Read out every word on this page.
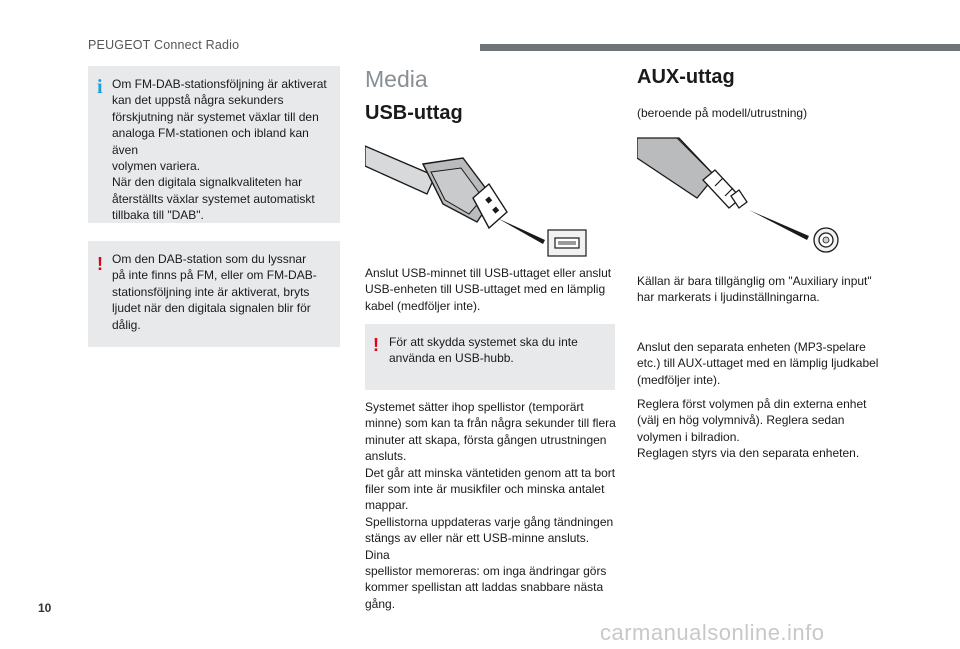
PEUGEOT Connect Radio
i Om FM-DAB-stationsföljning är aktiverat
kan det uppstå några sekunders
förskjutning när systemet växlar till den
analoga FM-stationen och ibland kan även
volymen variera.
När den digitala signalkvaliteten har
återställts växlar systemet automatiskt
tillbaka till "DAB".

! Om den DAB-station som du lyssnar
på inte finns på FM, eller om FM-DAB-
stationsföljning inte är aktiverat, bryts
ljudet när den digitala signalen blir för
dålig.

Media
USB-uttag
Anslut USB-minnet till USB-uttaget eller anslut
USB-enheten till USB-uttaget med en lämplig
kabel (medföljer inte).
! För att skydda systemet ska du inte
använda en USB-hubb.

Systemet sätter ihop spellistor (temporärt
minne) som kan ta från några sekunder till flera
minuter att skapa, första gången utrustningen
ansluts.
Det går att minska väntetiden genom att ta bort
filer som inte är musikfiler och minska antalet
mappar.
Spellistorna uppdateras varje gång tändningen
stängs av eller när ett USB-minne ansluts. Dina
spellistor memoreras: om inga ändringar görs
kommer spellistan att laddas snabbare nästa
gång.
AUX-uttag
(beroende på modell/utrustning)
Källan är bara tillgänglig om "Auxiliary input"
har markerats i ljudinställningarna.
Anslut den separata enheten (MP3-spelare
etc.) till AUX-uttaget med en lämplig ljudkabel
(medföljer inte).
Reglera först volymen på din externa enhet
(välj en hög volymnivå). Reglera sedan
volymen i bilradion.
Reglagen styrs via den separata enheten.
10
carmanualsonline.info
